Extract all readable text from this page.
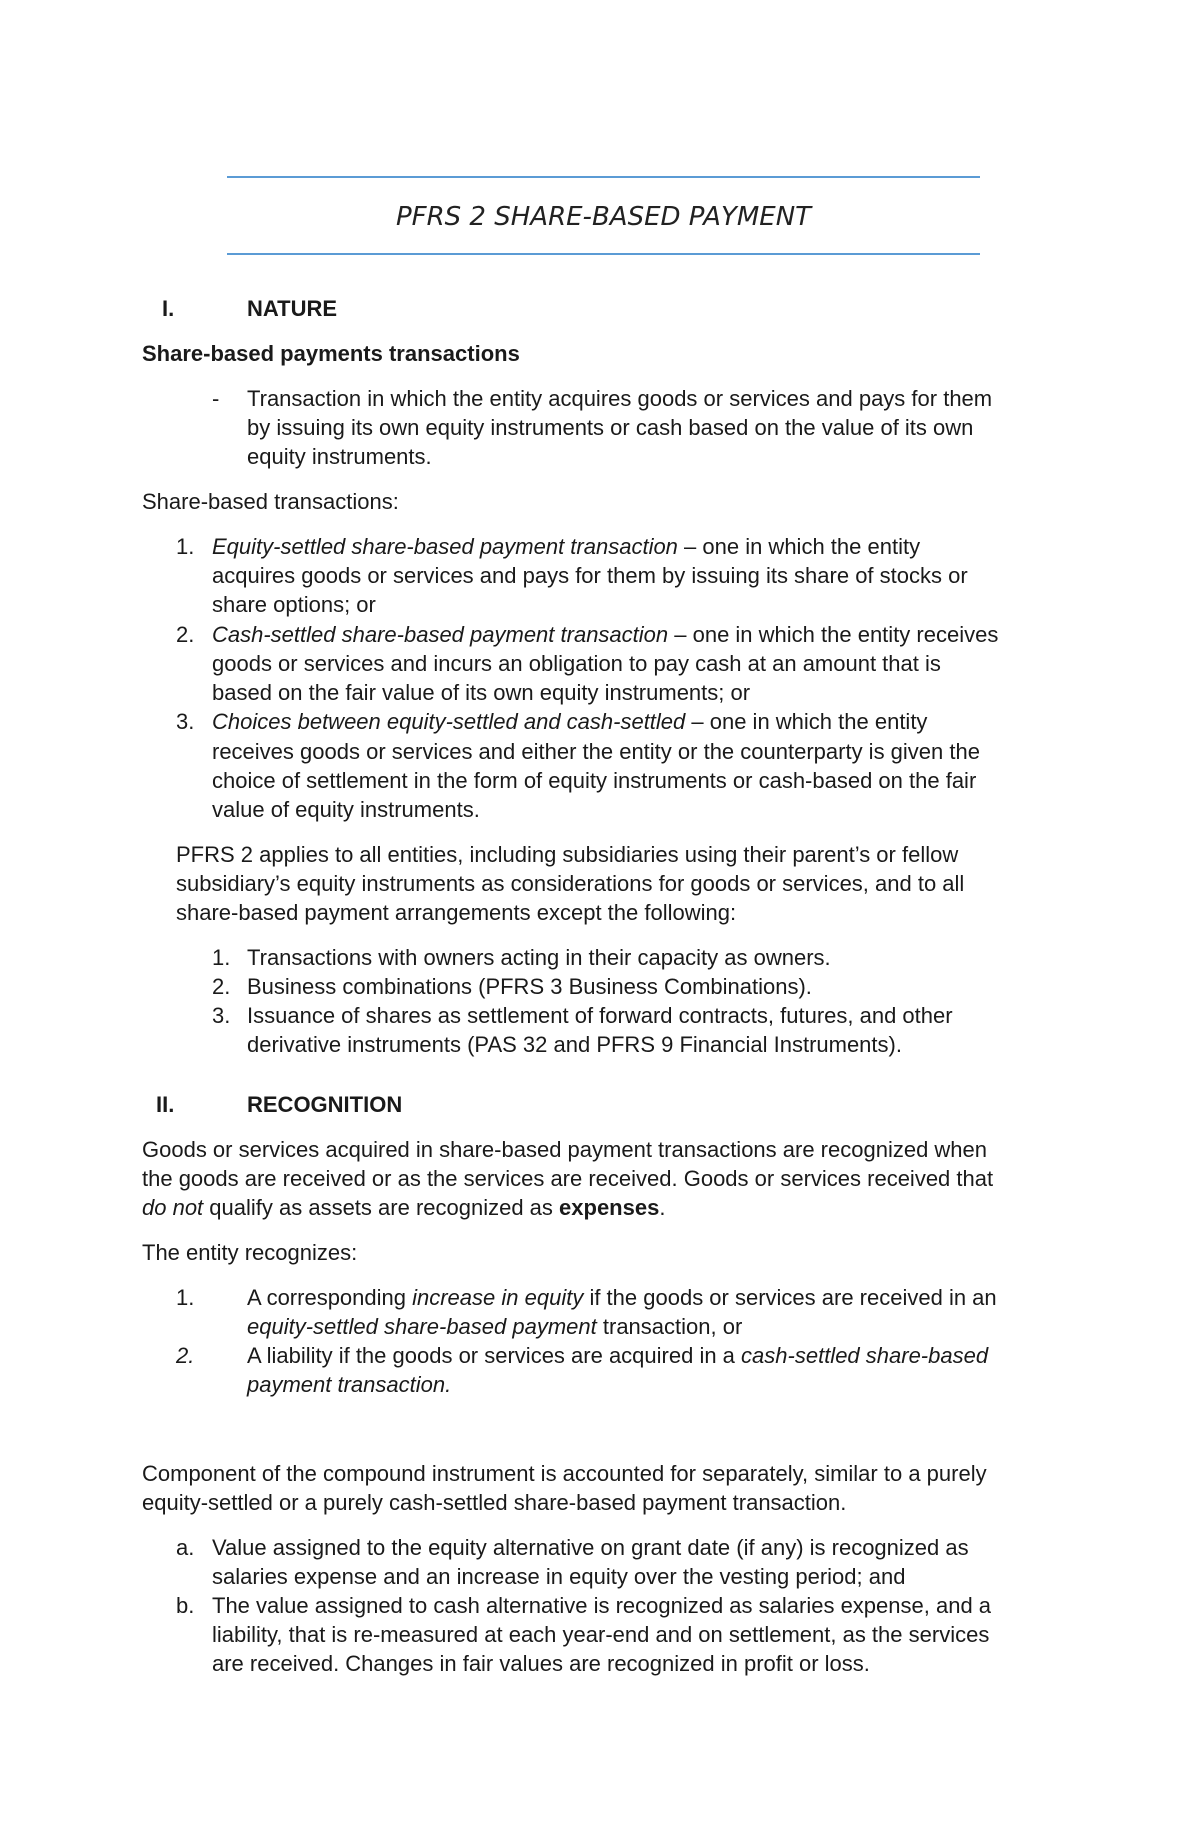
PFRS 2 SHARE-BASED PAYMENT
I.	NATURE
Share-based payments transactions
- Transaction in which the entity acquires goods or services and pays for them
by issuing its own equity instruments or cash based on the value of its own
equity instruments.
Share-based transactions:
1. Equity-settled share-based payment transaction – one in which the entity
acquires goods or services and pays for them by issuing its share of stocks or
share options; or
2. Cash-settled share-based payment transaction – one in which the entity receives
goods or services and incurs an obligation to pay cash at an amount that is
based on the fair value of its own equity instruments; or
3. Choices between equity-settled and cash-settled – one in which the entity
receives goods or services and either the entity or the counterparty is given the
choice of settlement in the form of equity instruments or cash-based on the fair
value of equity instruments.
PFRS 2 applies to all entities, including subsidiaries using their parent’s or fellow
subsidiary’s equity instruments as considerations for goods or services, and to all
share-based payment arrangements except the following:
1. Transactions with owners acting in their capacity as owners.
2. Business combinations (PFRS 3 Business Combinations).
3. Issuance of shares as settlement of forward contracts, futures, and other
derivative instruments (PAS 32 and PFRS 9 Financial Instruments).
II.	RECOGNITION
Goods or services acquired in share-based payment transactions are recognized when
the goods are received or as the services are received. Goods or services received that
do not qualify as assets are recognized as expenses.
The entity recognizes:
1. A corresponding increase in equity if the goods or services are received in an
equity-settled share-based payment transaction, or
2. A liability if the goods or services are acquired in a cash-settled share-based
payment transaction.
Component of the compound instrument is accounted for separately, similar to a purely
equity-settled or a purely cash-settled share-based payment transaction.
a. Value assigned to the equity alternative on grant date (if any) is recognized as
salaries expense and an increase in equity over the vesting period; and
b. The value assigned to cash alternative is recognized as salaries expense, and a
liability, that is re-measured at each year-end and on settlement, as the services
are received. Changes in fair values are recognized in profit or loss.
